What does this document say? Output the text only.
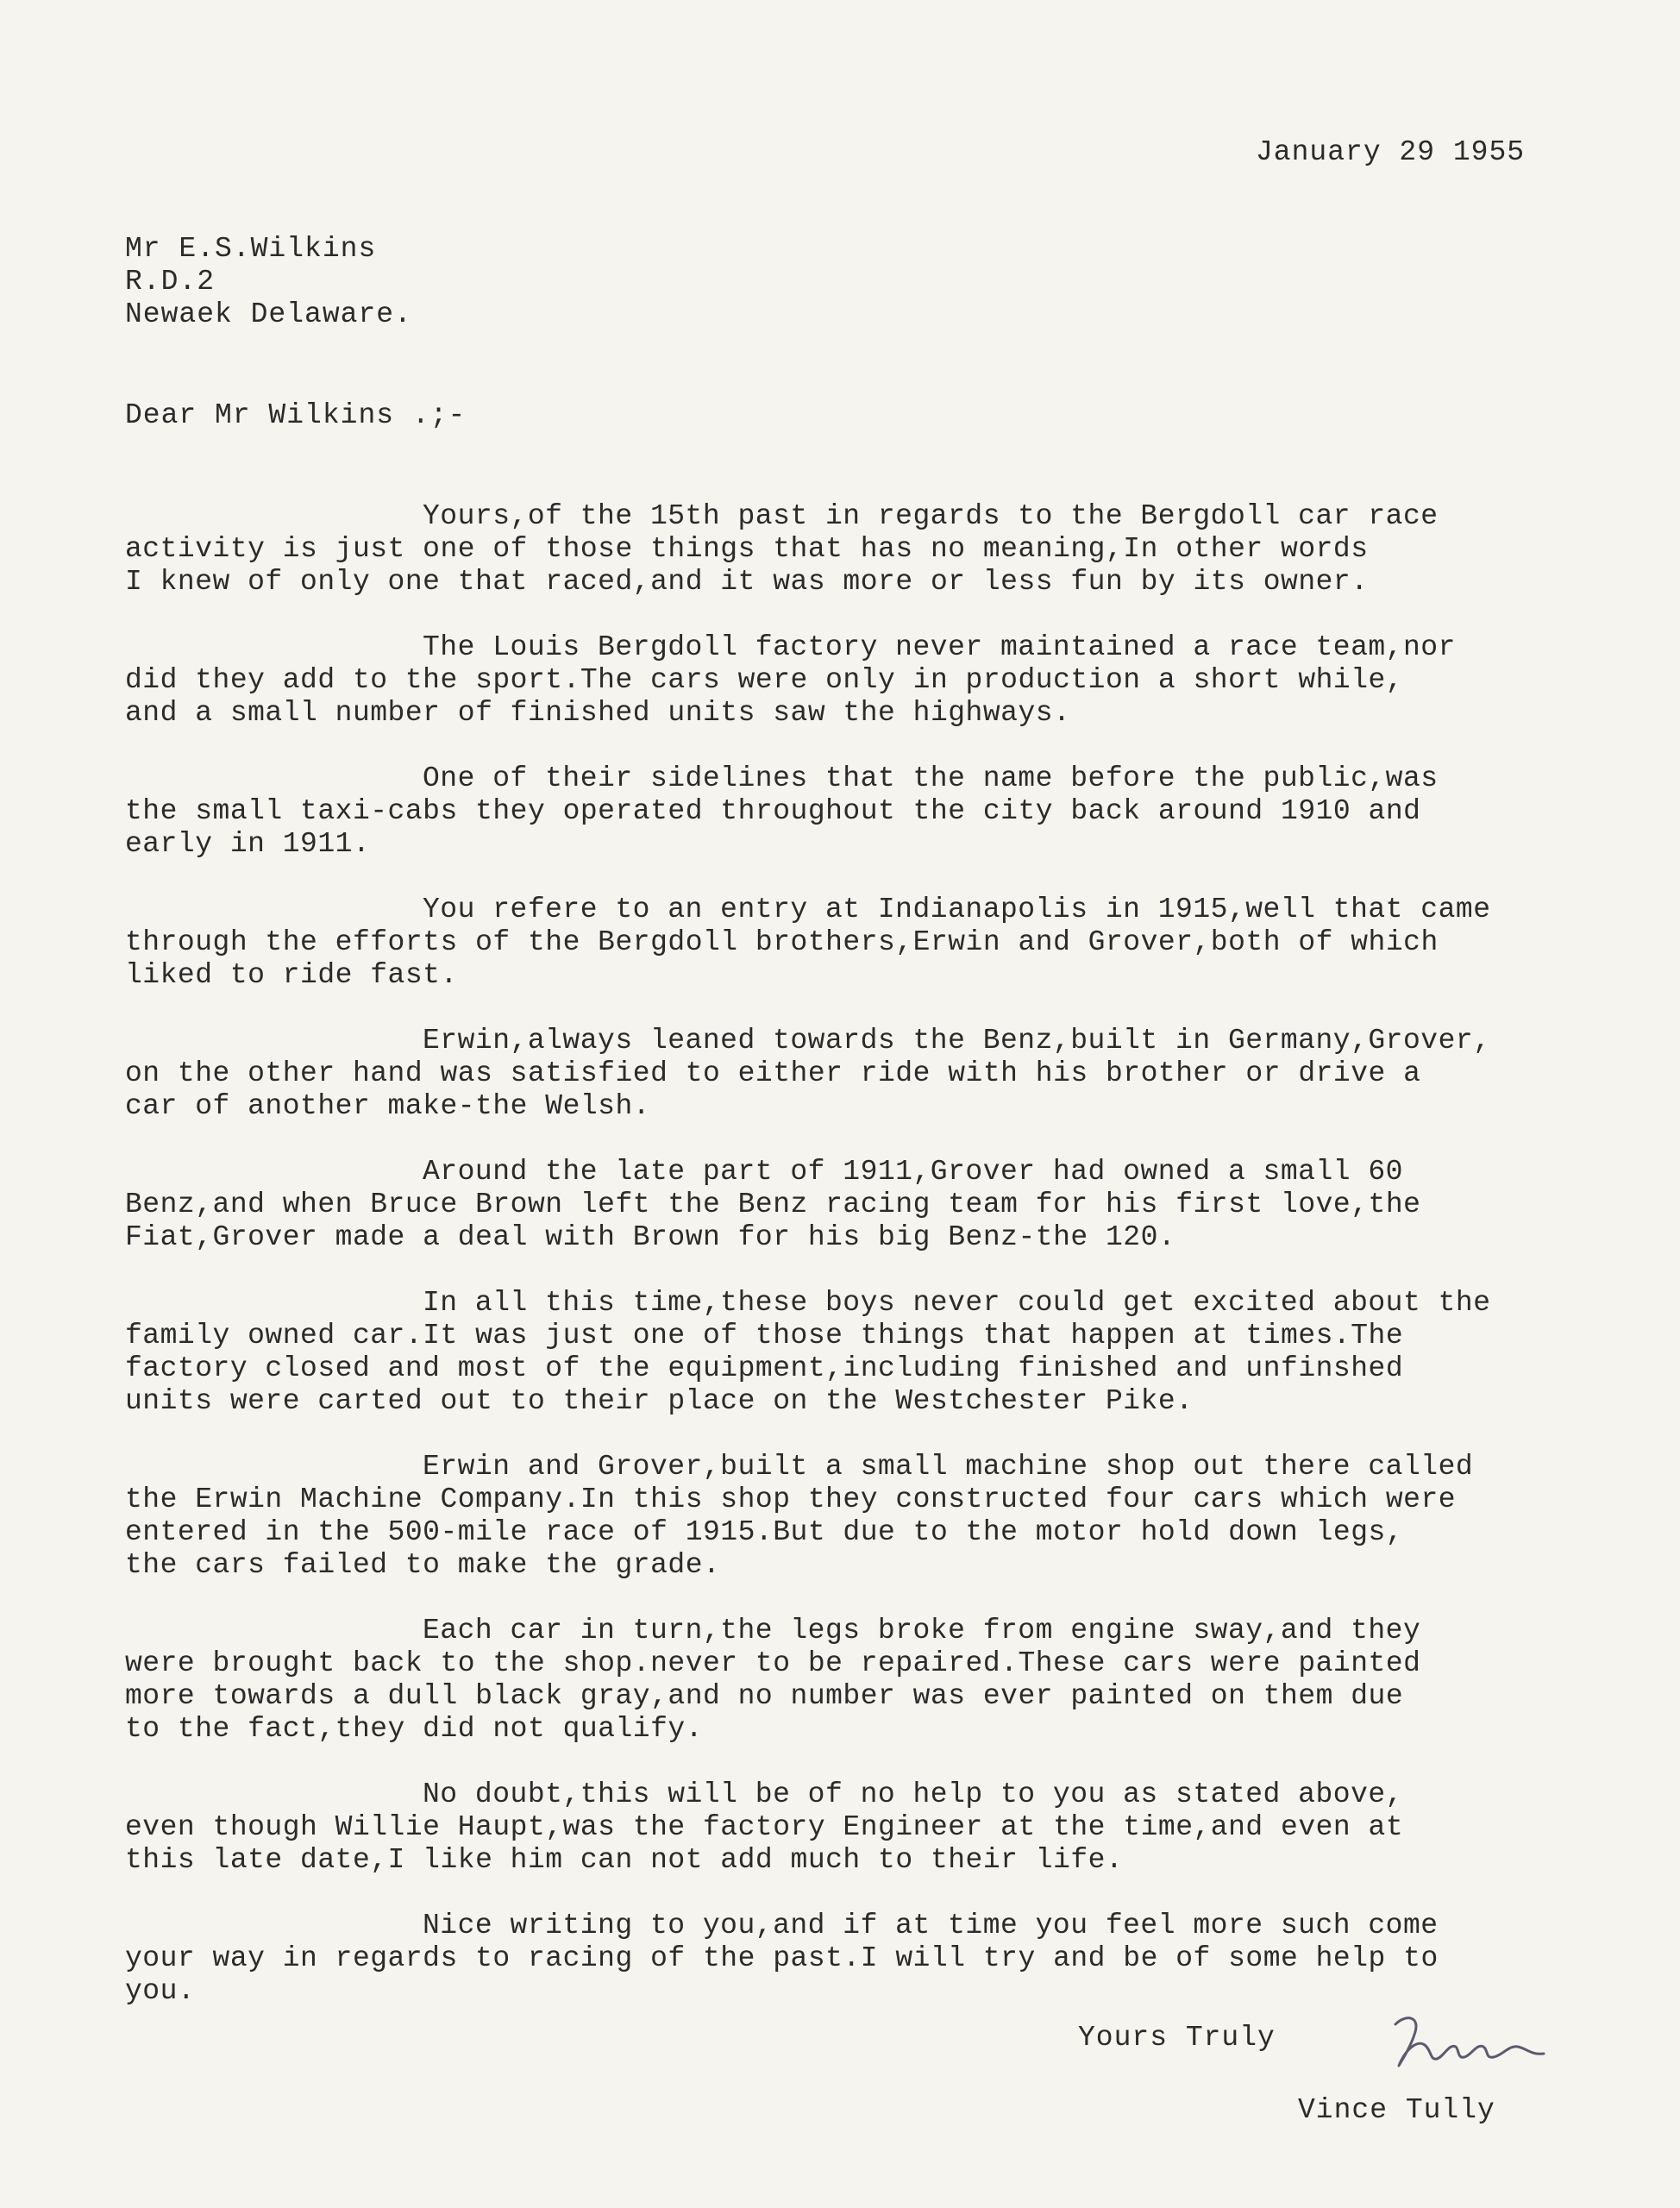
January 29 1955
Mr E.S.Wilkins
R.D.2
Newaek Delaware.
Dear Mr Wilkins .;-
Yours,of the 15th past in regards to the Bergdoll car race
activity is just one of those things that has no meaning,In other words
I knew of only one that raced,and it was more or less fun by its owner.
The Louis Bergdoll factory never maintained a race team,nor
did they add to the sport.The cars were only in production a short while,
and a small number of finished units saw the highways.
One of their sidelines that the name before the public,was
the small taxi-cabs they operated throughout the city back around 1910 and
early in 1911.
You refere to an entry at Indianapolis in 1915,well that came
through the efforts of the Bergdoll brothers,Erwin and Grover,both of which
liked to ride fast.
Erwin,always leaned towards the Benz,built in Germany,Grover,
on the other hand was satisfied to either ride with his brother or drive a
car of another make-the Welsh.
Around the late part of 1911,Grover had owned a small 60
Benz,and when Bruce Brown left the Benz racing team for his first love,the
Fiat,Grover made a deal with Brown for his big Benz-the 120.
In all this time,these boys never could get excited about the
family owned car.It was just one of those things that happen at times.The
factory closed and most of the equipment,including finished and unfinshed
units were carted out to their place on the Westchester Pike.
Erwin and Grover,built a small machine shop out there called
the Erwin Machine Company.In this shop they constructed four cars which were
entered in the 500-mile race of 1915.But due to the motor hold down legs,
the cars failed to make the grade.
Each car in turn,the legs broke from engine sway,and they
were brought back to the shop.never to be repaired.These cars were painted
more towards a dull black gray,and no number was ever painted on them due
to the fact,they did not qualify.
No doubt,this will be of no help to you as stated above,
even though Willie Haupt,was the factory Engineer at the time,and even at
this late date,I like him can not add much to their life.
Nice writing to you,and if at time you feel more such come
your way in regards to racing of the past.I will try and be of some help to
you.
Yours Truly
Vince Tully
